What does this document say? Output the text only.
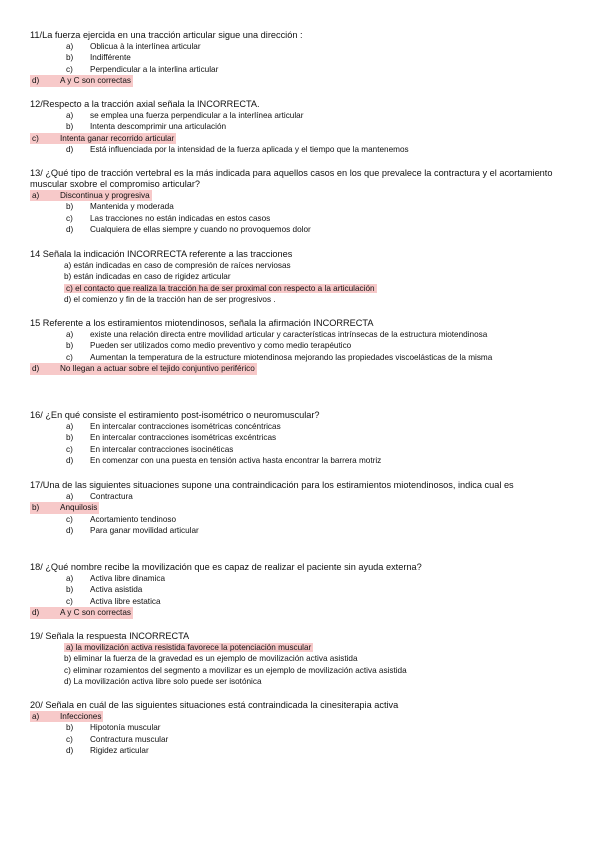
11/La fuerza ejercida en una tracción articular sigue una dirección :
a)	Oblicua à la interlínea articular
b)	Indifférente
c)	Perpendicular a la interlina articular
d)	A y C son correctas
12/Respecto a la tracción axial señala la INCORRECTA.
a)	se emplea una fuerza perpendicular a la interlínea articular
b)	Intenta descomprimir una articulación
c)	Intenta ganar recorrido articular
d)	Está influenciada por la intensidad de la fuerza aplicada y el tiempo que la mantenemos
13/ ¿Qué tipo de tracción vertebral es la más indicada para aquellos casos en los que prevalece la contractura y el acortamiento muscular sxobre el compromiso articular?
a)	Discontinua y progresiva
b)	Mantenida y moderada
c)	Las tracciones no están indicadas en estos casos
d)	Cualquiera de ellas siempre y cuando no provoquemos dolor
14 Señala la indicación INCORRECTA referente a las tracciones
a) están indicadas en caso de compresión de raíces nerviosas
b) están indicadas en caso de rigidez articular
c) el contacto que realiza la tracción ha de ser proximal con respecto a la articulación
d) el comienzo y fin de la tracción han de ser progresivos .
15 Referente a los estiramientos miotendinosos, señala la afirmación INCORRECTA
a)	existe una relación directa entre movilidad articular y características intrínsecas de la estructura miotendinosa
b)	Pueden ser utilizados como medio preventivo y como medio terapéutico
c)	Aumentan la temperatura de la estructure miotendinosa mejorando las propiedades viscoelásticas de la misma
d)	No llegan a actuar sobre el tejido conjuntivo periférico
16/ ¿En qué consiste el estiramiento post-isométrico o neuromuscular?
a)	En intercalar contracciones isométricas concéntricas
b)	En intercalar contracciones isométricas excéntricas
c)	En intercalar contracciones isocinéticas
d)	En comenzar con una puesta en tensión activa hasta encontrar la barrera motriz
17/Una de las siguientes situaciones supone una contraindicación para los estiramientos miotendinosos, indica cual es
a)	Contractura
b)	Anquilosis
c)	Acortamiento tendinoso
d)	Para ganar movilidad articular
18/ ¿Qué nombre recibe la movilización que es capaz de realizar el paciente sin ayuda externa?
a)	Activa libre dinamica
b)	Activa asistida
c)	Activa libre estatica
d)	A y C son correctas
19/ Señala la respuesta INCORRECTA
a) la movilización activa resistida favorece la potenciación muscular
b) eliminar la fuerza de la gravedad es un ejemplo de movilización activa asistida
c) eliminar rozamientos del segmento a movilizar es un ejemplo de movilización activa asistida
d) La movilización activa libre solo puede ser isotónica
20/ Señala en cuál de las siguientes situaciones está contraindicada la cinesiterapia activa
a)	Infecciones
b)	Hipotonía muscular
c)	Contractura muscular
d)	Rigidez articular
